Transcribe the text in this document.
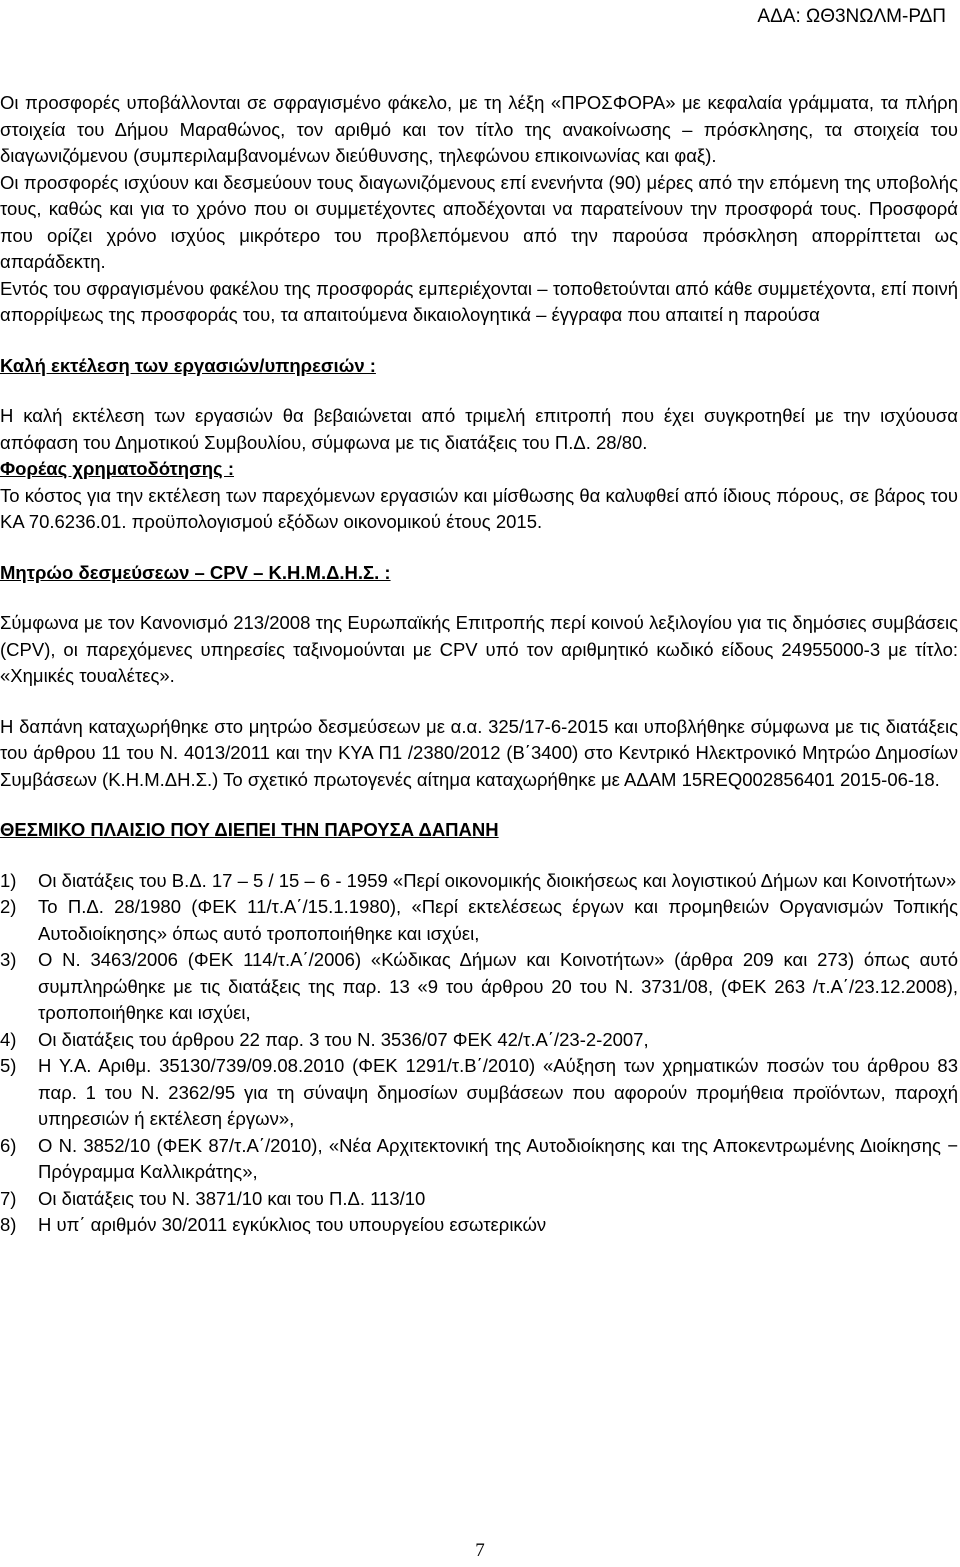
ΑΔΑ: ΩΘ3ΝΩΛΜ-ΡΔΠ

Οι προσφορές υποβάλλονται σε σφραγισμένο φάκελο, με τη λέξη «ΠΡΟΣΦΟΡΑ» με κεφαλαία γράμματα, τα πλήρη στοιχεία του Δήμου Μαραθώνος, τον αριθμό και τον τίτλο της ανακοίνωσης – πρόσκλησης, τα στοιχεία του διαγωνιζόμενου (συμπεριλαμβανομένων διεύθυνσης, τηλεφώνου επικοινωνίας και φαξ).

Οι προσφορές ισχύουν και δεσμεύουν τους διαγωνιζόμενους επί ενενήντα (90) μέρες από την επόμενη της υποβολής τους, καθώς και για το χρόνο που οι συμμετέχοντες αποδέχονται να παρατείνουν την προσφορά τους. Προσφορά που ορίζει χρόνο ισχύος μικρότερο του προβλεπόμενου από την παρούσα πρόσκληση απορρίπτεται ως απαράδεκτη.

Εντός του σφραγισμένου φακέλου της προσφοράς εμπεριέχονται – τοποθετούνται από κάθε συμμετέχοντα, επί ποινή απορρίψεως της προσφοράς του, τα απαιτούμενα δικαιολογητικά – έγγραφα που απαιτεί η παρούσα

Καλή εκτέλεση των εργασιών/υπηρεσιών :

Η καλή εκτέλεση των εργασιών θα βεβαιώνεται από τριμελή επιτροπή που έχει συγκροτηθεί με την ισχύουσα απόφαση του Δημοτικού Συμβουλίου, σύμφωνα με τις διατάξεις του Π.Δ. 28/80.

Φορέας χρηματοδότησης :

Το κόστος για την εκτέλεση των παρεχόμενων εργασιών και μίσθωσης θα καλυφθεί από ίδιους πόρους, σε βάρος του ΚΑ 70.6236.01. προϋπολογισμού εξόδων οικονομικού έτους 2015.

Μητρώο δεσμεύσεων – CPV – Κ.Η.Μ.Δ.Η.Σ. :

Σύμφωνα με τον Κανονισμό 213/2008 της Ευρωπαϊκής Επιτροπής περί κοινού λεξιλογίου για τις δημόσιες συμβάσεις (CPV), οι παρεχόμενες υπηρεσίες ταξινομούνται με CPV υπό τον αριθμητικό κωδικό είδους 24955000-3 με τίτλο: «Χημικές τουαλέτες».

Η δαπάνη καταχωρήθηκε στο μητρώο δεσμεύσεων με α.α. 325/17-6-2015 και υποβλήθηκε σύμφωνα με τις διατάξεις του άρθρου 11 του Ν. 4013/2011 και την ΚΥΑ Π1 /2380/2012 (Β΄3400) στο Κεντρικό Ηλεκτρονικό Μητρώο Δημοσίων Συμβάσεων (Κ.Η.Μ.ΔΗ.Σ.) Το σχετικό πρωτογενές αίτημα καταχωρήθηκε με ΑΔΑΜ 15REQ002856401 2015-06-18.

ΘΕΣΜΙΚΟ ΠΛΑΙΣΙΟ ΠΟΥ ΔΙΕΠΕΙ ΤΗΝ ΠΑΡΟΥΣΑ ΔΑΠΑΝΗ

1) Οι διατάξεις του Β.Δ. 17 – 5 / 15 – 6 - 1959 «Περί οικονομικής διοικήσεως και λογιστικού Δήμων και Κοινοτήτων»
2) Το Π.Δ. 28/1980 (ΦΕΚ 11/τ.Α΄/15.1.1980), «Περί εκτελέσεως έργων και προμηθειών Οργανισμών Τοπικής Αυτοδιοίκησης» όπως αυτό τροποποιήθηκε και ισχύει,
3) Ο Ν. 3463/2006 (ΦΕΚ 114/τ.Α΄/2006) «Κώδικας Δήμων και Κοινοτήτων» (άρθρα 209 και 273) όπως αυτό συμπληρώθηκε με τις διατάξεις της παρ. 13 «9 του άρθρου 20 του Ν. 3731/08, (ΦΕΚ 263 /τ.Α΄/23.12.2008), τροποποιήθηκε και ισχύει,
4) Οι διατάξεις του άρθρου 22 παρ. 3 του Ν. 3536/07 ΦΕΚ 42/τ.Α΄/23-2-2007,
5) Η Υ.Α. Αριθμ. 35130/739/09.08.2010 (ΦΕΚ 1291/τ.Β΄/2010) «Αύξηση των χρηματικών ποσών του άρθρου 83 παρ. 1 του Ν. 2362/95 για τη σύναψη δημοσίων συμβάσεων που αφορούν προμήθεια προϊόντων, παροχή υπηρεσιών ή εκτέλεση έργων»,
6) Ο Ν. 3852/10 (ΦΕΚ 87/τ.Α΄/2010), «Νέα Αρχιτεκτονική της Αυτοδιοίκησης και της Αποκεντρωμένης Διοίκησης − Πρόγραμμα Καλλικράτης»,
7) Οι διατάξεις του Ν. 3871/10 και του Π.Δ. 113/10
8) Η υπ΄ αριθμόν 30/2011 εγκύκλιος του υπουργείου εσωτερικών
7
